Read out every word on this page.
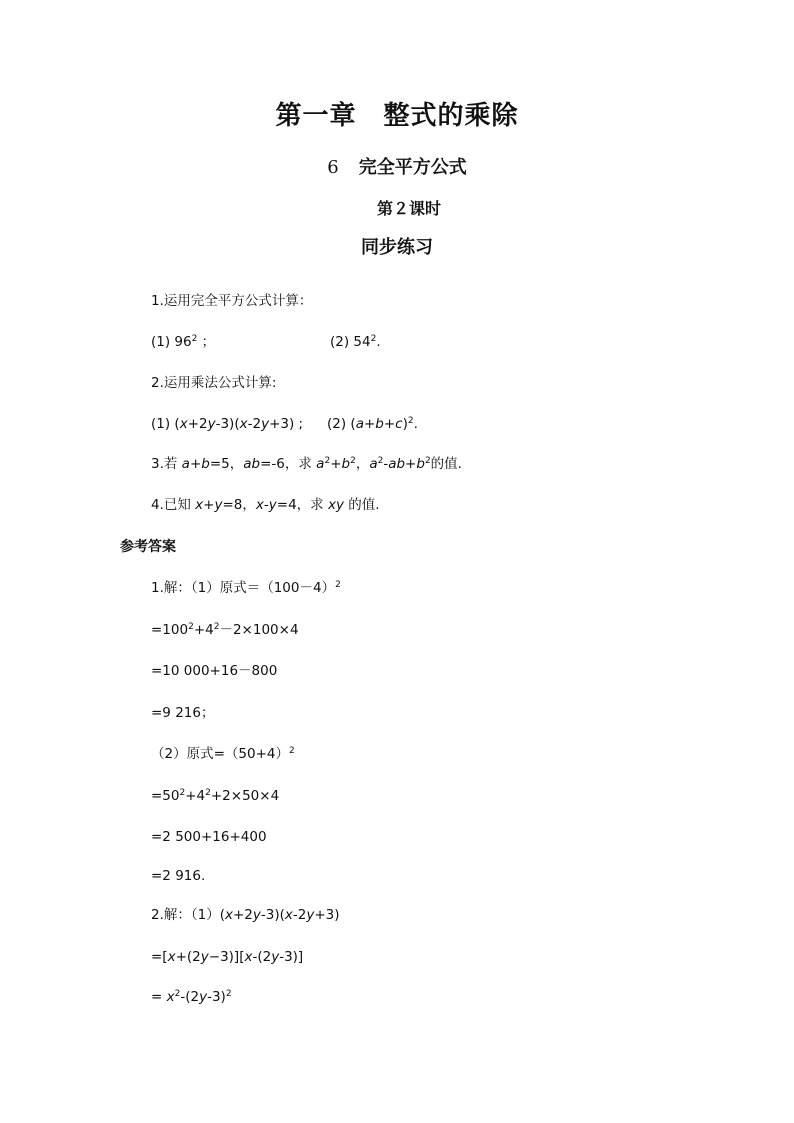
第一章　整式的乘除
6 完全平方公式
第２课时
同步练习
1.运用完全平方公式计算：
(1) $96^2$ ；	(2) $54^2$.
2.运用乘法公式计算:
(1) (x+2y-3)(x-2y+3) ; (2) $(a+b+c)^2$.
3.若 a+b=5，ab=-6，求 $a^2+b^2$，$a^2-ab+b^2$的值.
4.已知 x+y=8，x-y=4，求 xy 的值.
参考答案
1.解：（1）原式$=(100-4)^2$
$=100^2+4^2-2\times 100\times 4$
=10 000+16－800
=9 216；
（2）原式$=(50+4)^2$
$=50^2+4^2+2\times 50\times 4$
=2 500+16+400
=2 916.
2.解：（1）(x+2y-3)(x-2y+3)
=[x+(2y−3)][x-(2y-3)]
= $x^2-(2y-3)^2$
